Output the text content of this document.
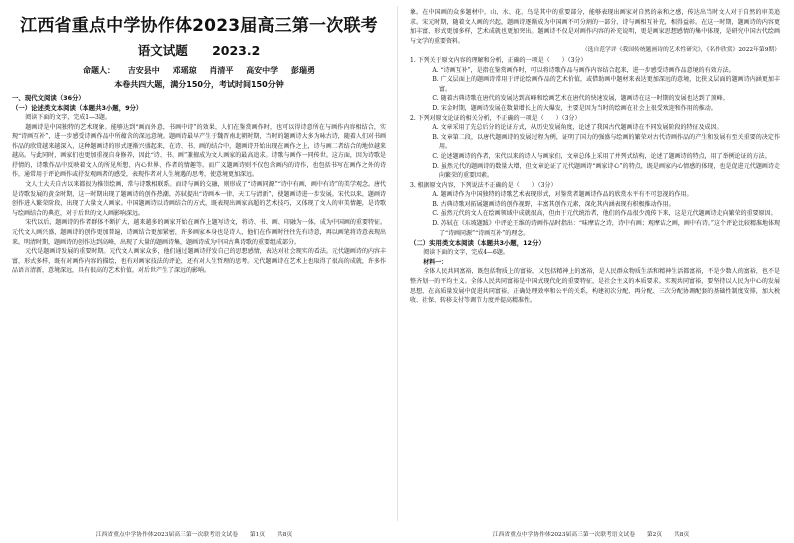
江西省重点中学协作体2023届高三第一次联考
语文试题 2023.2
命题人： 吉安县中 邓瑶琼 肖清平 高安中学 彭瑞勇
本卷共四大题，满分150分，考试时间150分钟
一、现代文阅读（36分）
（一）论述类文本阅读（本题共3小题，9分）
阅读下面的文字，完成1—3题。

题画诗是中国独特的艺术现象。能够达到“画而外意，书画中诗”的效果，人们在鉴赏画作时，也可以得诗意所在与画作内容相结合，实现“诗画互补”，进一步感受诗画作品中所蕴含的深远意境。题画诗最早产生于魏晋南北朝时期，当时的题画诗大多为咏古诗，随着人们对书画作品的欣赏越来越深入，这种题画诗的形式逐渐兴盛起来，在诗、书、画的结合中，题画诗开始出现在画作之上，诗与画二者结合的地位越来越高。与此同时，画家们也更加重视自身修养，因此“诗、书、画”兼擅成为文人画家的最高追求。诗歌与画作一同传世。这方面，因为诗歌是抒情的，诗歌作品中反映着文人的所见所想、内心世界、作者的情趣等。而广义题画诗则不仅包含画内的诗作，也包括书写在画作之外的诗作，通常用于评论画作或抒发观画者的感受，表现作者对人生境遇的思考，使意境更加深远。

文人士大夫自古以来都很为推崇绘画，常与诗歌相联系。而诗与画的交融，则形成了“诗画同源”“诗中有画，画中有诗”的美学观念。唐代是诗歌发展的黄金时期，这一时期出现了题画诗的创作热潮。苏轼提出“诗画本一律，天工与清新”，使题画诗进一步发展。宋代以来，题画诗创作进入繁荣阶段，出现了大量文人画家。中国题画诗以诗画结合的方式，既表现出画家高超的艺术技巧，又体现了文人的审美情趣，是诗歌与绘画结合的典范，对于后世的文人画影响深远。

宋代以后，题画诗的作者群体不断扩大，越来越多的画家开始在画作上题写诗文，将诗、书、画、印融为一体，成为中国画的重要特征。元代文人画兴盛，题画诗的创作更加普遍，诗画结合更加紧密，许多画家本身也是诗人，他们在作画时往往先有诗意，再以画笔将诗意表现出来。明清时期，题画诗的创作达到高峰，出现了大量的题画诗集，题画诗成为中国古典诗歌的重要组成部分。

元代是题画诗发展的重要时期。元代文人画家众多，他们通过题画诗抒发自己的思想感情，表达对社会现实的看法。元代题画诗的内容丰富，形式多样，既有对画作内容的描绘，也有对画家技法的评论，还有对人生哲理的思考。元代题画诗在艺术上也取得了很高的成就，许多作品语言清新，意境深远，具有很高的艺术价值，对后世产生了深远的影响。

江西省重点中学协作体2023届高三第一次联考语文试卷 第1页 共8页

象。在中国画的众多题材中，山、水、花、鸟是其中的重要部分，能够表现出画家对自然的亲和之感，传达出当时文人对于自然的审美追求。宋元时期，随着文人画的兴起，题画诗逐渐成为中国画不可分割的一部分，诗与画相互补充，相得益彰。在这一时期，题画诗的内容更加丰富，形式更加多样，艺术成就也更加突出。题画诗不仅是对画作内容的补充说明，更是画家思想感情的集中体现，是研究中国古代绘画与文学的重要资料。

（选自范学评《我国传统题画诗的艺术性研究》，《名作欣赏》2022年第9期）

1. 下列关于原文内容的理解和分析，正确的一项是（　　）（3分）

A. “诗画互补”，是指在鉴赏画作时，可以将诗歌作品与画作内容结合起来，进一步感受诗画作品意境的有效方法。

B. 广义层面上的题画诗常用于评论绘画作品的艺术价值，或借助画中题材来表达更加深远的意境，比狭义层面的题画诗内涵更加丰富。

C. 随着古典诗歌在唐代的发展达到高峰和绘画艺术在唐代的快速发展，题画诗在这一时期的发展也达到了顶峰。

D. 宋金时期，题画诗发展在数量增长上的大爆发，主要是因为当时的绘画在社会上很受欢迎和作用的推动。

2. 下列对原文论证的相关分析，不正确的一项是（　　）（3分）

A. 文章采用了先总后分的论证方式，从历史发展角度，论述了我国古代题画诗在不同发展阶段的特征及成因。

B. 文章第二段，以唐代题画诗的发展过程为例，证明了国力的强盛与绘画的繁荣对古代诗画作品的产生和发展有至关重要的决定作用。

C. 论述题画诗的作者，宋代以来的诗人与画家们，文章总体上采用了并列式结构，论述了题画诗的特点，用了举例论证的方法。

D. 虽然元代的题画诗的数量大增，但文章论证了元代题画诗“画家诗心”的特点，既是画家内心情感的体现，也是促进元代题画诗走向繁荣的重要因素。

3. 根据原文内容，下列说法不正确的是（　　）（3分）

A. 题画诗作为中国独特的诗歌艺术表现形式，对鉴赏者题画诗作品的欣赏水平有不可忽视的作用。

B. 古典诗歌对拓展题画诗的创作视野，丰富其创作元素，深化其内涵表现有积极推动作用。

C. 虽然元代的文人在绘画领域中成就很高，但由于元代统治者，他们的作品很少流传下来，这是元代题画诗走向繁荣的重要原因。

D. 苏轼在《东坡题跋》中评论王维的诗画作品时指出：“味摩诘之诗，诗中有画；观摩诘之画，画中有诗。”这个评论比较精准地体现了“诗画同源”“诗画互补”的理念。

（二）实用类文本阅读（本题共3小题，12分）
阅读下面的文字，完成4—6题。

材料一：

全体人民共同富裕，既包括物质上的富裕，又包括精神上的富裕，是人民群众物质生活和精神生活都富裕，不是少数人的富裕，也不是整齐划一的平均主义。全体人民共同富裕是中国式现代化的重要特征，是社会主义的本质要求。实现共同富裕，要坚持以人民为中心的发展思想，在高质量发展中促进共同富裕，正确处理效率和公平的关系，构建初次分配、再分配、三次分配协调配套的基础性制度安排，加大税收、社保、转移支付等调节力度并提高精准性。

江西省重点中学协作体2023届高三第一次联考语文试卷 第2页 共8页
